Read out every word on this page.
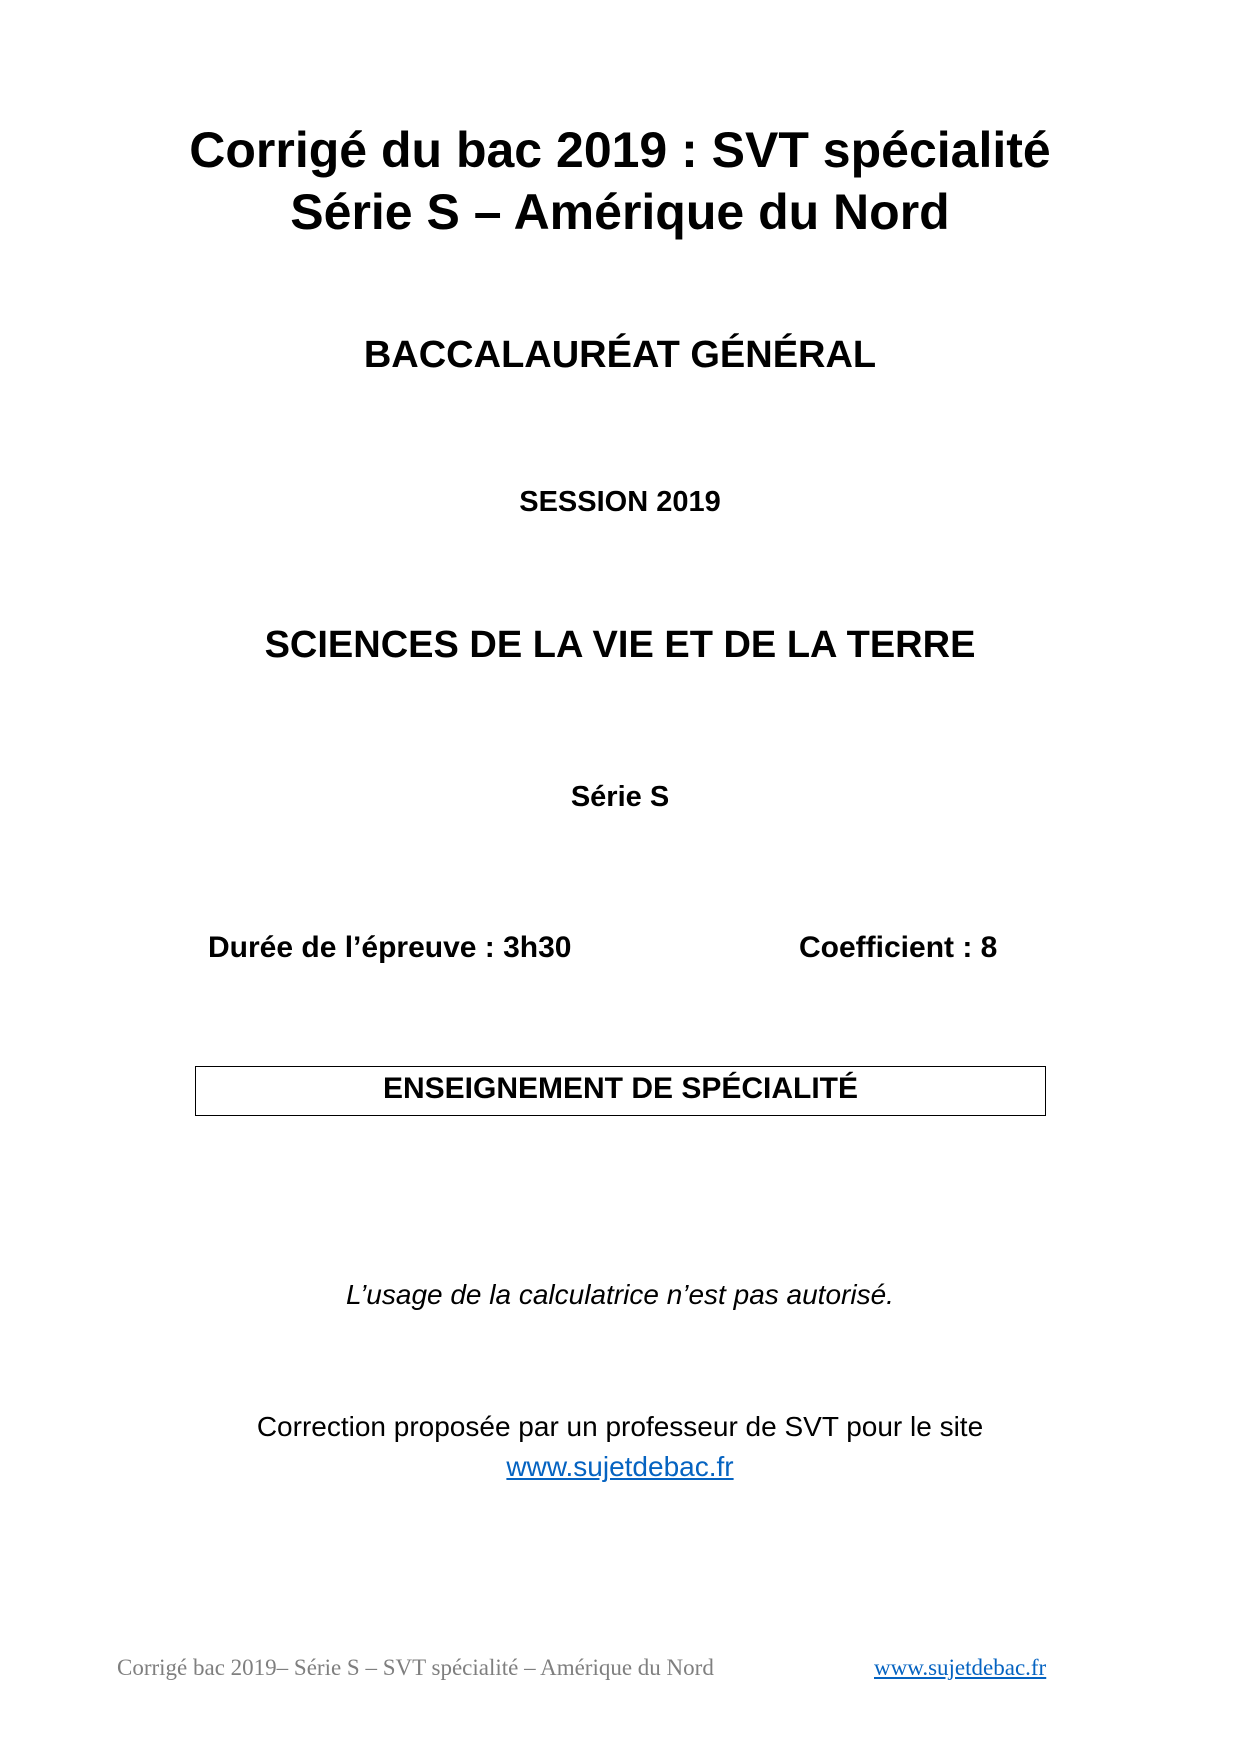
Corrigé du bac 2019 : SVT spécialité
Série S – Amérique du Nord
BACCALAURÉAT GÉNÉRAL
SESSION 2019
SCIENCES DE LA VIE ET DE LA TERRE
Série S
Durée de l’épreuve : 3h30	Coefficient : 8
ENSEIGNEMENT DE SPÉCIALITÉ
L’usage de la calculatrice n’est pas autorisé.
Correction proposée par un professeur de SVT pour le site
www.sujetdebac.fr
Corrigé bac 2019– Série S – SVT spécialité – Amérique du Nord	www.sujetdebac.fr
